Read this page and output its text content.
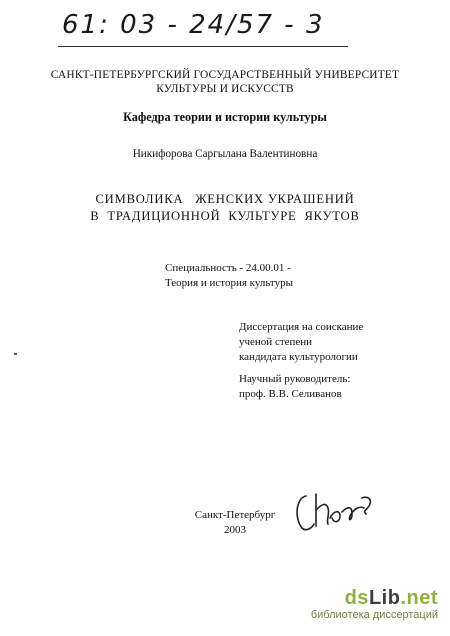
61: 03 - 24/57 - 3
САНКТ-ПЕТЕРБУРГСКИЙ ГОСУДАРСТВЕННЫЙ УНИВЕРСИТЕТ
КУЛЬТУРЫ И ИСКУССТВ
Кафедра теории и истории культуры
Никифорова Саргылана Валентиновна
СИМВОЛИКА   ЖЕНСКИХ УКРАШЕНИЙ
В  ТРАДИЦИОННОЙ  КУЛЬТУРЕ  ЯКУТОВ
Специальность - 24.00.01 -
Теория и история культуры
Диссертация на соискание
ученой степени
кандидата культурологии
Научный руководитель:
проф. В.В. Селиванов
Санкт-Петербург
2003
dsLib.net
библиотека диссертаций
